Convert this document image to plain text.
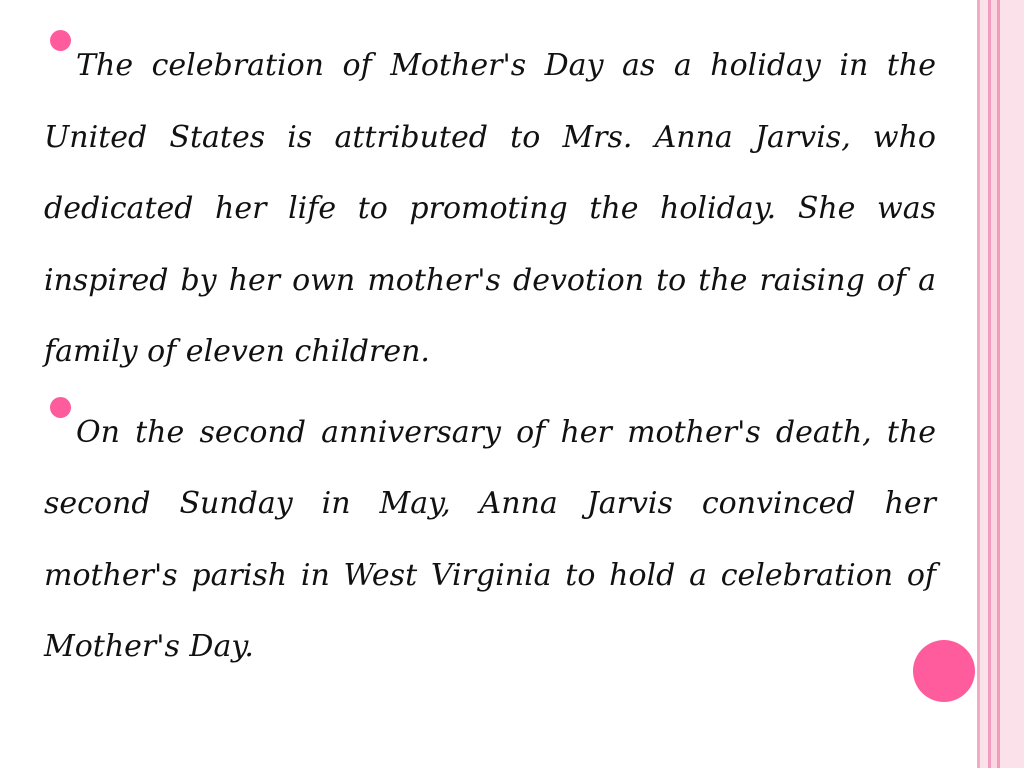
The celebration of Mother's Day as a holiday in the United States is attributed to Mrs. Anna Jarvis, who dedicated her life to promoting the holiday. She was inspired by her own mother's devotion to the raising of a family of eleven children.

On the second anniversary of her mother's death, the second Sunday in May, Anna Jarvis convinced her mother's parish in West Virginia to hold a celebration of Mother's Day.
